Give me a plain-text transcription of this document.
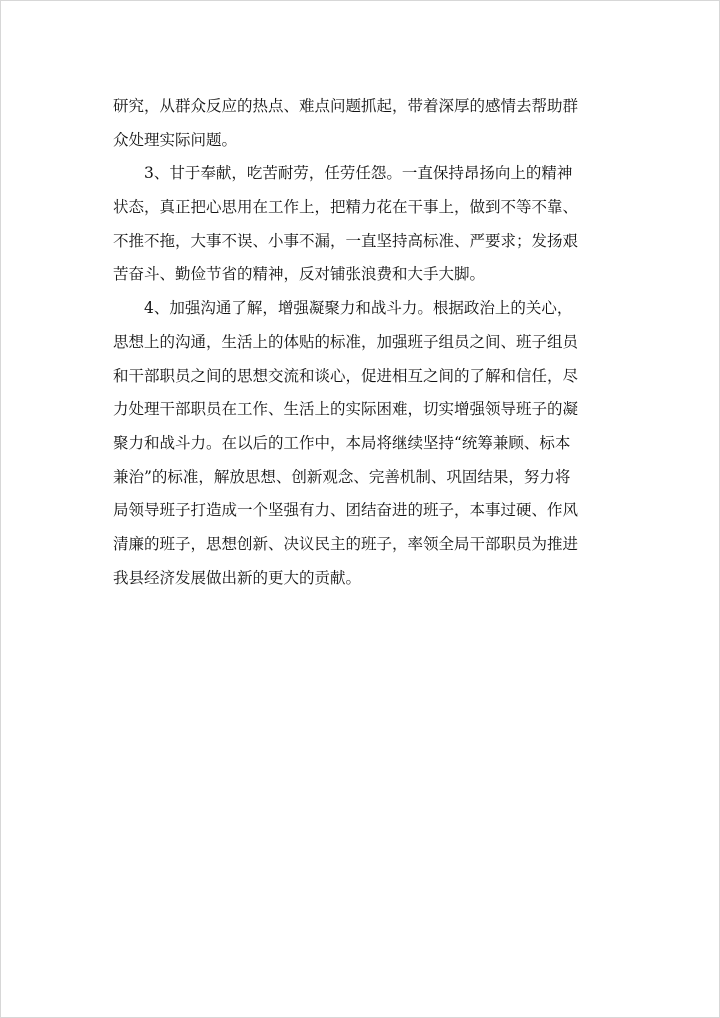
研究，从群众反应的热点、难点问题抓起，带着深厚的感情去帮助群
众处理实际问题。
　　3、甘于奉献，吃苦耐劳，任劳任怨。一直保持昂扬向上的精神
状态，真正把心思用在工作上，把精力花在干事上，做到不等不靠、
不推不拖，大事不误、小事不漏，一直坚持高标准、严要求；发扬艰
苦奋斗、勤俭节省的精神，反对铺张浪费和大手大脚。
　　4、加强沟通了解，增强凝聚力和战斗力。根据政治上的关心，
思想上的沟通，生活上的体贴的标准，加强班子组员之间、班子组员
和干部职员之间的思想交流和谈心，促进相互之间的了解和信任，尽
力处理干部职员在工作、生活上的实际困难，切实增强领导班子的凝
聚力和战斗力。在以后的工作中，本局将继续坚持“统筹兼顾、标本
兼治”的标准，解放思想、创新观念、完善机制、巩固结果，努力将
局领导班子打造成一个坚强有力、团结奋进的班子，本事过硬、作风
清廉的班子，思想创新、决议民主的班子，率领全局干部职员为推进
我县经济发展做出新的更大的贡献。
